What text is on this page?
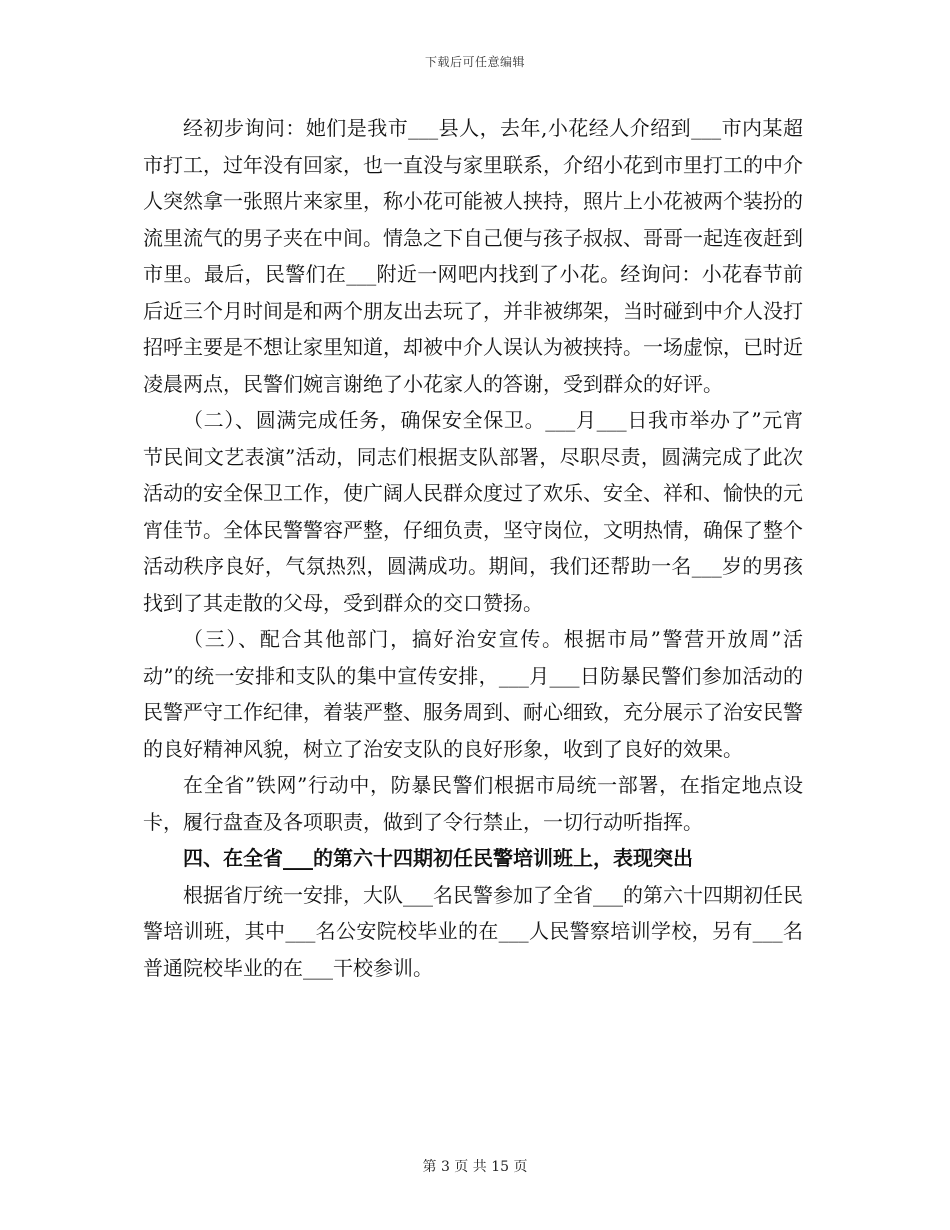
下载后可任意编辑

经初步询问：她们是我市___县人，去年,小花经人介绍到___市内某超市打工，过年没有回家，也一直没与家里联系，介绍小花到市里打工的中介人突然拿一张照片来家里，称小花可能被人挟持，照片上小花被两个装扮的流里流气的男子夹在中间。情急之下自己便与孩子叔叔、哥哥一起连夜赶到市里。最后，民警们在___附近一网吧内找到了小花。经询问：小花春节前后近三个月时间是和两个朋友出去玩了，并非被绑架，当时碰到中介人没打招呼主要是不想让家里知道，却被中介人误认为被挟持。一场虚惊，已时近凌晨两点，民警们婉言谢绝了小花家人的答谢，受到群众的好评。

（二）、圆满完成任务，确保安全保卫。___月___日我市举办了”元宵节民间文艺表演”活动，同志们根据支队部署，尽职尽责，圆满完成了此次活动的安全保卫工作，使广阔人民群众度过了欢乐、安全、祥和、愉快的元宵佳节。全体民警警容严整，仔细负责，坚守岗位，文明热情，确保了整个活动秩序良好，气氛热烈，圆满成功。期间，我们还帮助一名___岁的男孩找到了其走散的父母，受到群众的交口赞扬。

（三）、配合其他部门，搞好治安宣传。根据市局”警营开放周”活动”的统一安排和支队的集中宣传安排，___月___日防暴民警们参加活动的民警严守工作纪律，着装严整、服务周到、耐心细致，充分展示了治安民警的良好精神风貌，树立了治安支队的良好形象，收到了良好的效果。

在全省”铁网”行动中，防暴民警们根据市局统一部署，在指定地点设卡，履行盘查及各项职责，做到了令行禁止，一切行动听指挥。

四、在全省___的第六十四期初任民警培训班上，表现突出

根据省厅统一安排，大队___名民警参加了全省___的第六十四期初任民警培训班，其中___名公安院校毕业的在___人民警察培训学校，另有___名普通院校毕业的在___干校参训。

第 3 页 共 15 页
